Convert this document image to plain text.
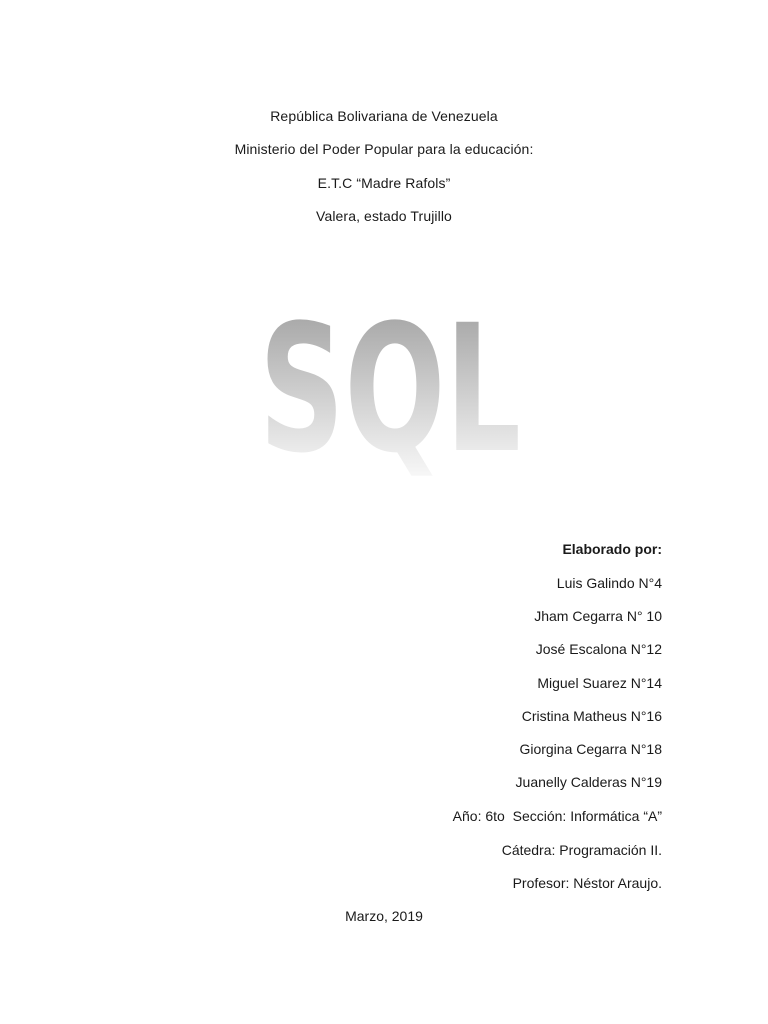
República Bolivariana de Venezuela
Ministerio del Poder Popular para la educación:
E.T.C “Madre Rafols”
Valera, estado Trujillo
SQL
Elaborado por:
Luis Galindo N°4
Jham Cegarra N° 10
José Escalona N°12
Miguel Suarez N°14
Cristina Matheus N°16
Giorgina Cegarra N°18
Juanelly Calderas N°19
Año: 6to  Sección: Informática “A”
Cátedra: Programación II.
Profesor: Néstor Araujo.
Marzo, 2019
